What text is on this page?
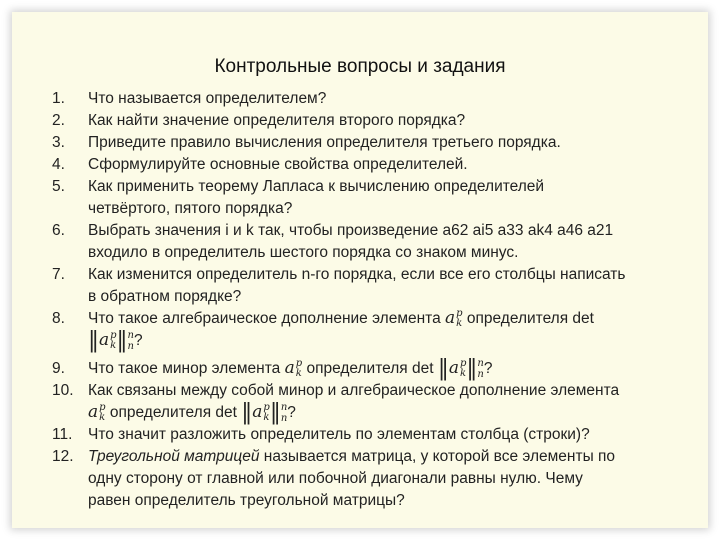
Контрольные вопросы и задания
1.	Что называется определителем?
2.	Как найти значение определителя второго порядка?
3.	Приведите правило вычисления определителя третьего порядка.
4.	Сформулируйте основные свойства определителей.
5.	Как применить теорему Лапласа к вычислению определителей
четвёртого, пятого порядка?
6.	Выбрать значения i и k так, чтобы произведение a62 ai5 a33 ak4 a46 a21
входило в определитель шестого порядка со знаком минус.
7.	Как изменится определитель n-го порядка, если все его столбцы написать
в обратном порядке?
8.	Что такое алгебраическое дополнение элемента a p
k определителя det
‖a p
k ‖ n
n ?
9.	Что такое минор элемента a p
k определителя det ‖a p
k ‖ n
n ?
10. Как связаны между собой минор и алгебраическое дополнение элемента
a p
k определителя det ‖a p
k ‖ n
n ?
11.	Что значит разложить определитель по элементам столбца (строки)?
12. Треугольной матрицей называется матрица, у которой все элементы по
одну сторону от главной или побочной диагонали равны нулю. Чему
равен определитель треугольной матрицы?
